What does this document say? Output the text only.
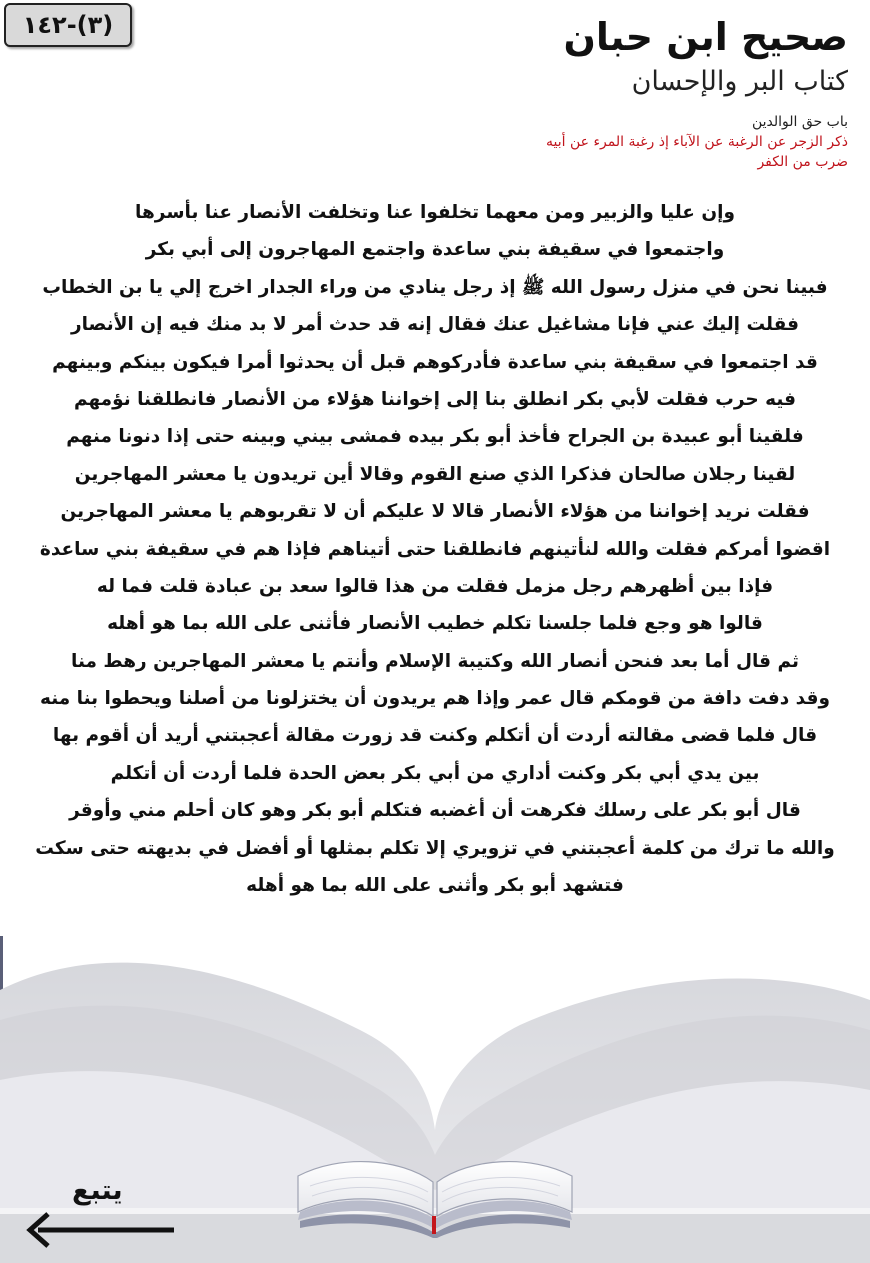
(٣)-١٤٢	صحيح ابن حبان
كتاب البر والإحسان
باب حق الوالدين
ذكر الزجر عن الرغبة عن الآباء إذ رغبة المرء عن أبيه
ضرب من الكفر
وإن عليا والزبير ومن معهما تخلفوا عنا وتخلفت الأنصار عنا بأسرها
واجتمعوا في سقيفة بني ساعدة واجتمع المهاجرون إلى أبي بكر
فبينا نحن في منزل رسول الله ﷺ إذ رجل ينادي من وراء الجدار اخرج إلي يا بن الخطاب
فقلت إليك عني فإنا مشاغيل عنك فقال إنه قد حدث أمر لا بد منك فيه إن الأنصار
قد اجتمعوا في سقيفة بني ساعدة فأدركوهم قبل أن يحدثوا أمرا فيكون بينكم وبينهم
فيه حرب فقلت لأبي بكر انطلق بنا إلى إخواننا هؤلاء من الأنصار فانطلقنا نؤمهم
فلقينا أبو عبيدة بن الجراح فأخذ أبو بكر بيده فمشى بيني وبينه حتى إذا دنونا منهم
لقينا رجلان صالحان فذكرا الذي صنع القوم وقالا أين تريدون يا معشر المهاجرين
فقلت نريد إخواننا من هؤلاء الأنصار قالا لا عليكم أن لا تقربوهم يا معشر المهاجرين
اقضوا أمركم فقلت والله لنأتينهم فانطلقنا حتى أتيناهم فإذا هم في سقيفة بني ساعدة
فإذا بين أظهرهم رجل مزمل فقلت من هذا قالوا سعد بن عبادة قلت فما له
قالوا هو وجع فلما جلسنا تكلم خطيب الأنصار فأثنى على الله بما هو أهله
ثم قال أما بعد فنحن أنصار الله وكتيبة الإسلام وأنتم يا معشر المهاجرين رهط منا
وقد دفت دافة من قومكم قال عمر وإذا هم يريدون أن يختزلونا من أصلنا ويحطوا بنا منه
قال فلما قضى مقالته أردت أن أتكلم وكنت قد زورت مقالة أعجبتني أريد أن أقوم بها
بين يدي أبي بكر وكنت أداري من أبي بكر بعض الحدة فلما أردت أن أتكلم
قال أبو بكر على رسلك فكرهت أن أغضبه فتكلم أبو بكر وهو كان أحلم مني وأوقر
والله ما ترك من كلمة أعجبتني في تزويري إلا تكلم بمثلها أو أفضل في بديهته حتى سكت
فتشهد أبو بكر وأثنى على الله بما هو أهله
يتبع
